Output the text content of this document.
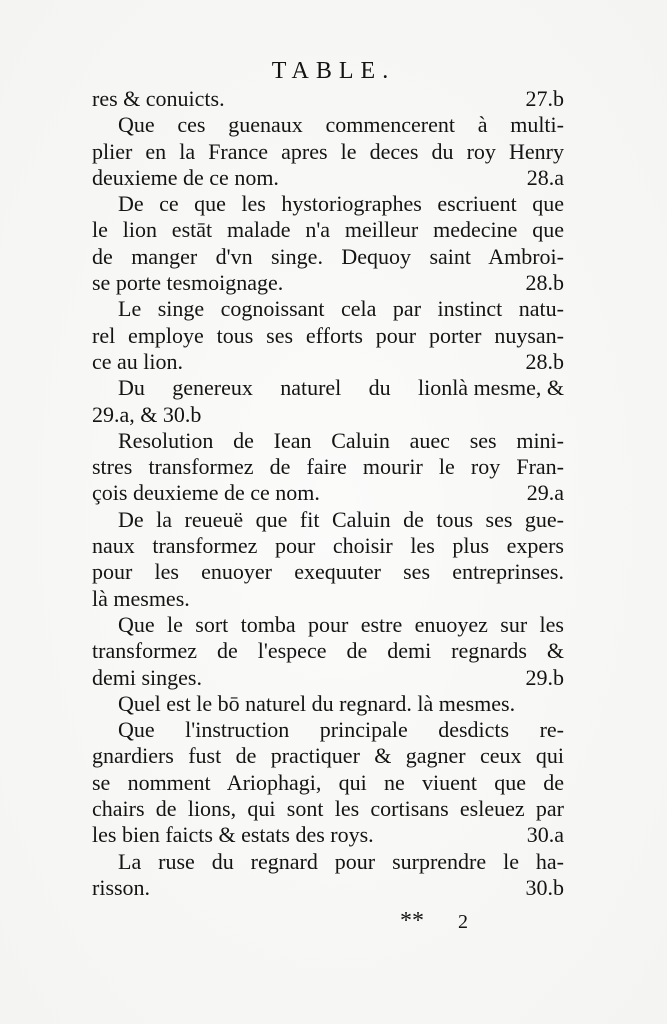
TABLE.
res & conuicts.	27.b
Que ces guenaux commencerent à multi-
plier en la France apres le deces du roy Henry
deuxieme de ce nom.	28.a
De ce que les hystoriographes escriuent que
le lion estāt malade n'a meilleur medecine que
de manger d'vn singe. Dequoy saint Ambroi-
se porte tesmoignage.	28.b
Le singe cognoissant cela par instinct natu-
rel employe tous ses efforts pour porter nuysan-
ce au lion.	28.b
Du genereux naturel du lion là mesme, &
29.a, & 30.b
Resolution de Iean Caluin auec ses mini-
stres transformez de faire mourir le roy Fran-
çois deuxieme de ce nom.	29.a
De la reueuë que fit Caluin de tous ses gue-
naux transformez pour choisir les plus expers
pour les enuoyer exequuter ses entreprinses.
là mesmes.
Que le sort tomba pour estre enuoyez sur les
transformez de l'espece de demi regnards &
demi singes.	29.b
Quel est le bō naturel du regnard. là mesmes.
Que l'instruction principale desdicts re-
gnardiers fust de practiquer & gagner ceux qui
se nomment Ariophagi, qui ne viuent que de
chairs de lions, qui sont les cortisans esleuez par
les bien faicts & estats des roys.	30.a
La ruse du regnard pour surprendre le ha-
risson.	30.b
** 2
